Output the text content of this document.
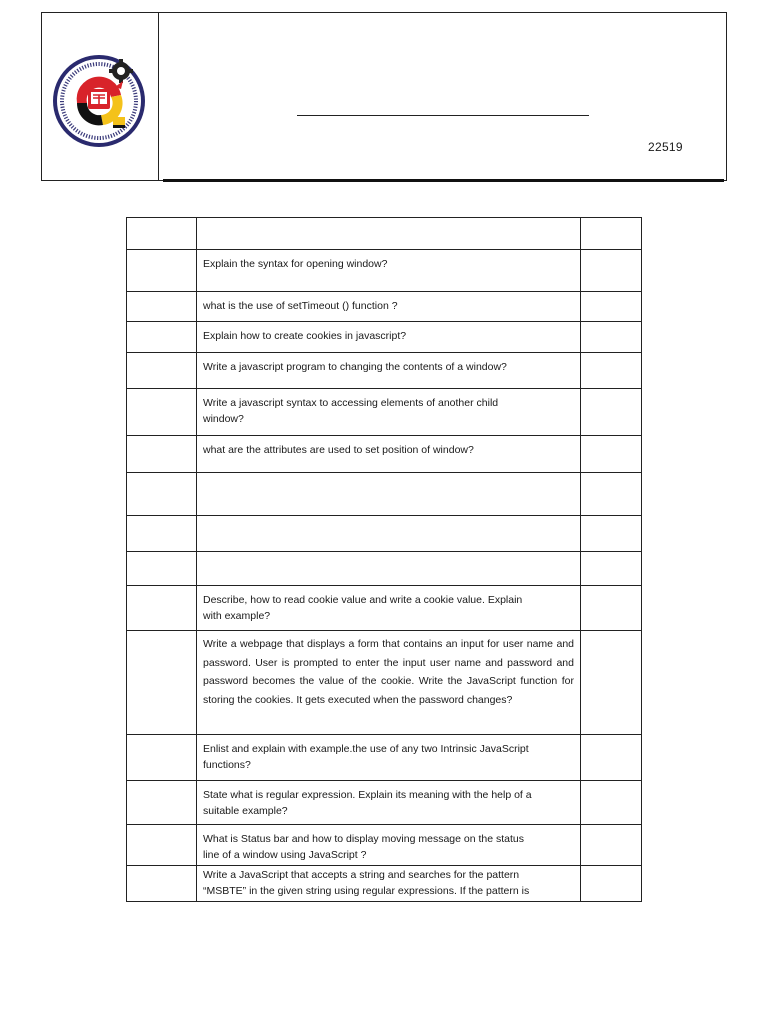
22519

	Explain the syntax for opening window?	

	what is the use of setTimeout () function ?	

	Explain how to create cookies in javascript?	

	Write a javascript program to changing the contents of a window?	

	Write a javascript syntax to accessing elements of another child
window?	

	what are the attributes are used to set position of window?	

	Describe, how to read cookie value and write a cookie value. Explain
with example?	

	Write a webpage that displays a form that contains an input for user name and password. User is prompted to enter the input user name and password and password becomes the value of the cookie. Write the JavaScript function for storing the cookies. It gets executed when the password changes?	

	Enlist and explain with example.the use of any two Intrinsic JavaScript
functions?	

	State what is regular expression. Explain its meaning with the help of a
suitable example?	

	What is Status bar and how to display moving message on the status
line of a window using JavaScript ?	

	Write a JavaScript that accepts a string and searches for the pattern
“MSBTE” in the given string using regular expressions. If the pattern is	
